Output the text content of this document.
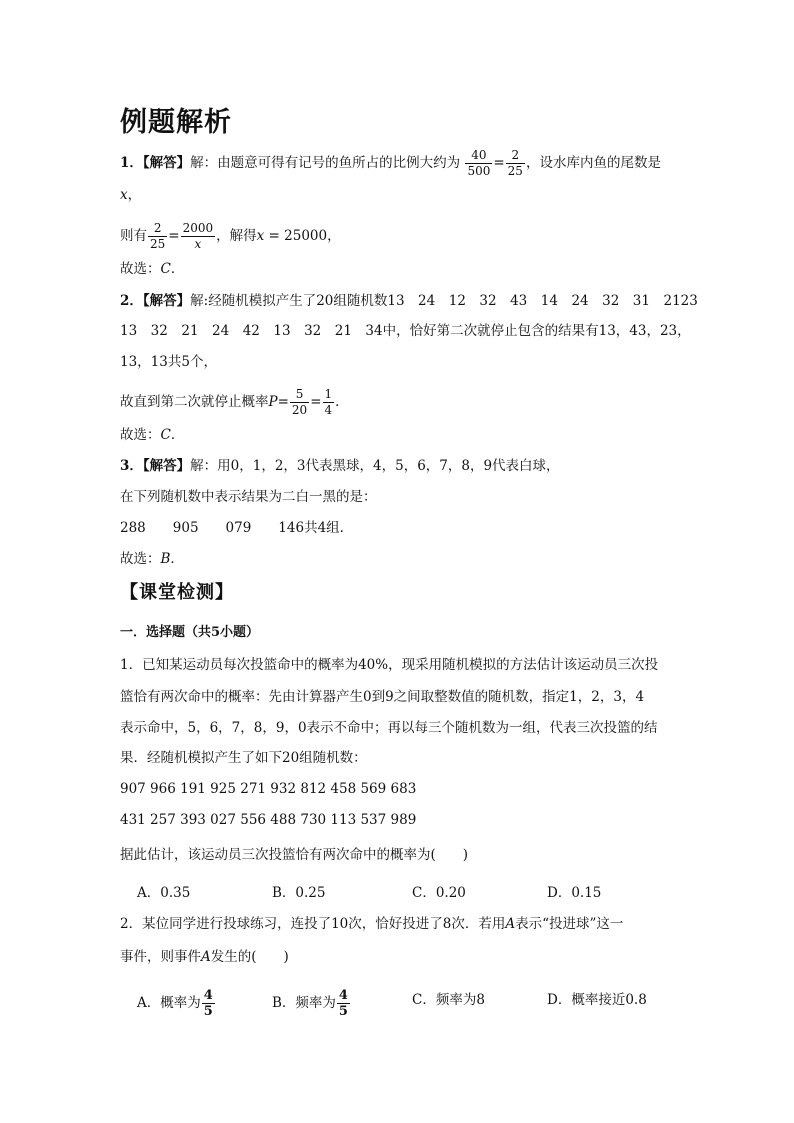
例题解析
1．【解答】解：由题意可得有记号的鱼所占的比例大约为 $\frac{40}{500} = \frac{2}{25}$ ，设水库内鱼的尾数是
x，
则有 $\frac{2}{25} = \frac{2000}{x}$ ，解得x = 25000，
故选：C．
2．【解答】解:经随机模拟产生了20组随机数13　24　12　32　43　14　24　32　31　2123
13　32　21　24　42　13　32　21　34中，恰好第二次就停止包含的结果有13，43，23，
13，13共5个，
故直到第二次就停止概率$P= \frac{5}{20} = \frac{1}{4}$ ．
故选：C．
3．【解答】解：用0，1，2，3代表黑球，4，5，6，7，8，9代表白球，
在下列随机数中表示结果为二白一黑的是：
288　　905　　079　　146共4组．
故选：B．
【课堂检测】
一．选择题（共5小题）
1．已知某运动员每次投篮命中的概率为40%，现采用随机模拟的方法估计该运动员三次投
篮恰有两次命中的概率：先由计算器产生0到9之间取整数值的随机数，指定1，2，3，4
表示命中，5，6，7，8，9，0表示不命中；再以每三个随机数为一组，代表三次投篮的结
果．经随机模拟产生了如下20组随机数：
907 966 191 925 271 932 812 458 569 683
431 257 393 027 556 488 730 113 537 989
据此估计，该运动员三次投篮恰有两次命中的概率为(　　)
A．0.35	B．0.25	C．0.20	D．0.15
2．某位同学进行投球练习，连投了10次，恰好投进了8次．若用A表示“投进球”这一
事件，则事件A发生的(　　)
A．概率为 $\frac{4}{5}$	B．频率为 $\frac{4}{5}$	C．频率为8	D．概率接近0.8
